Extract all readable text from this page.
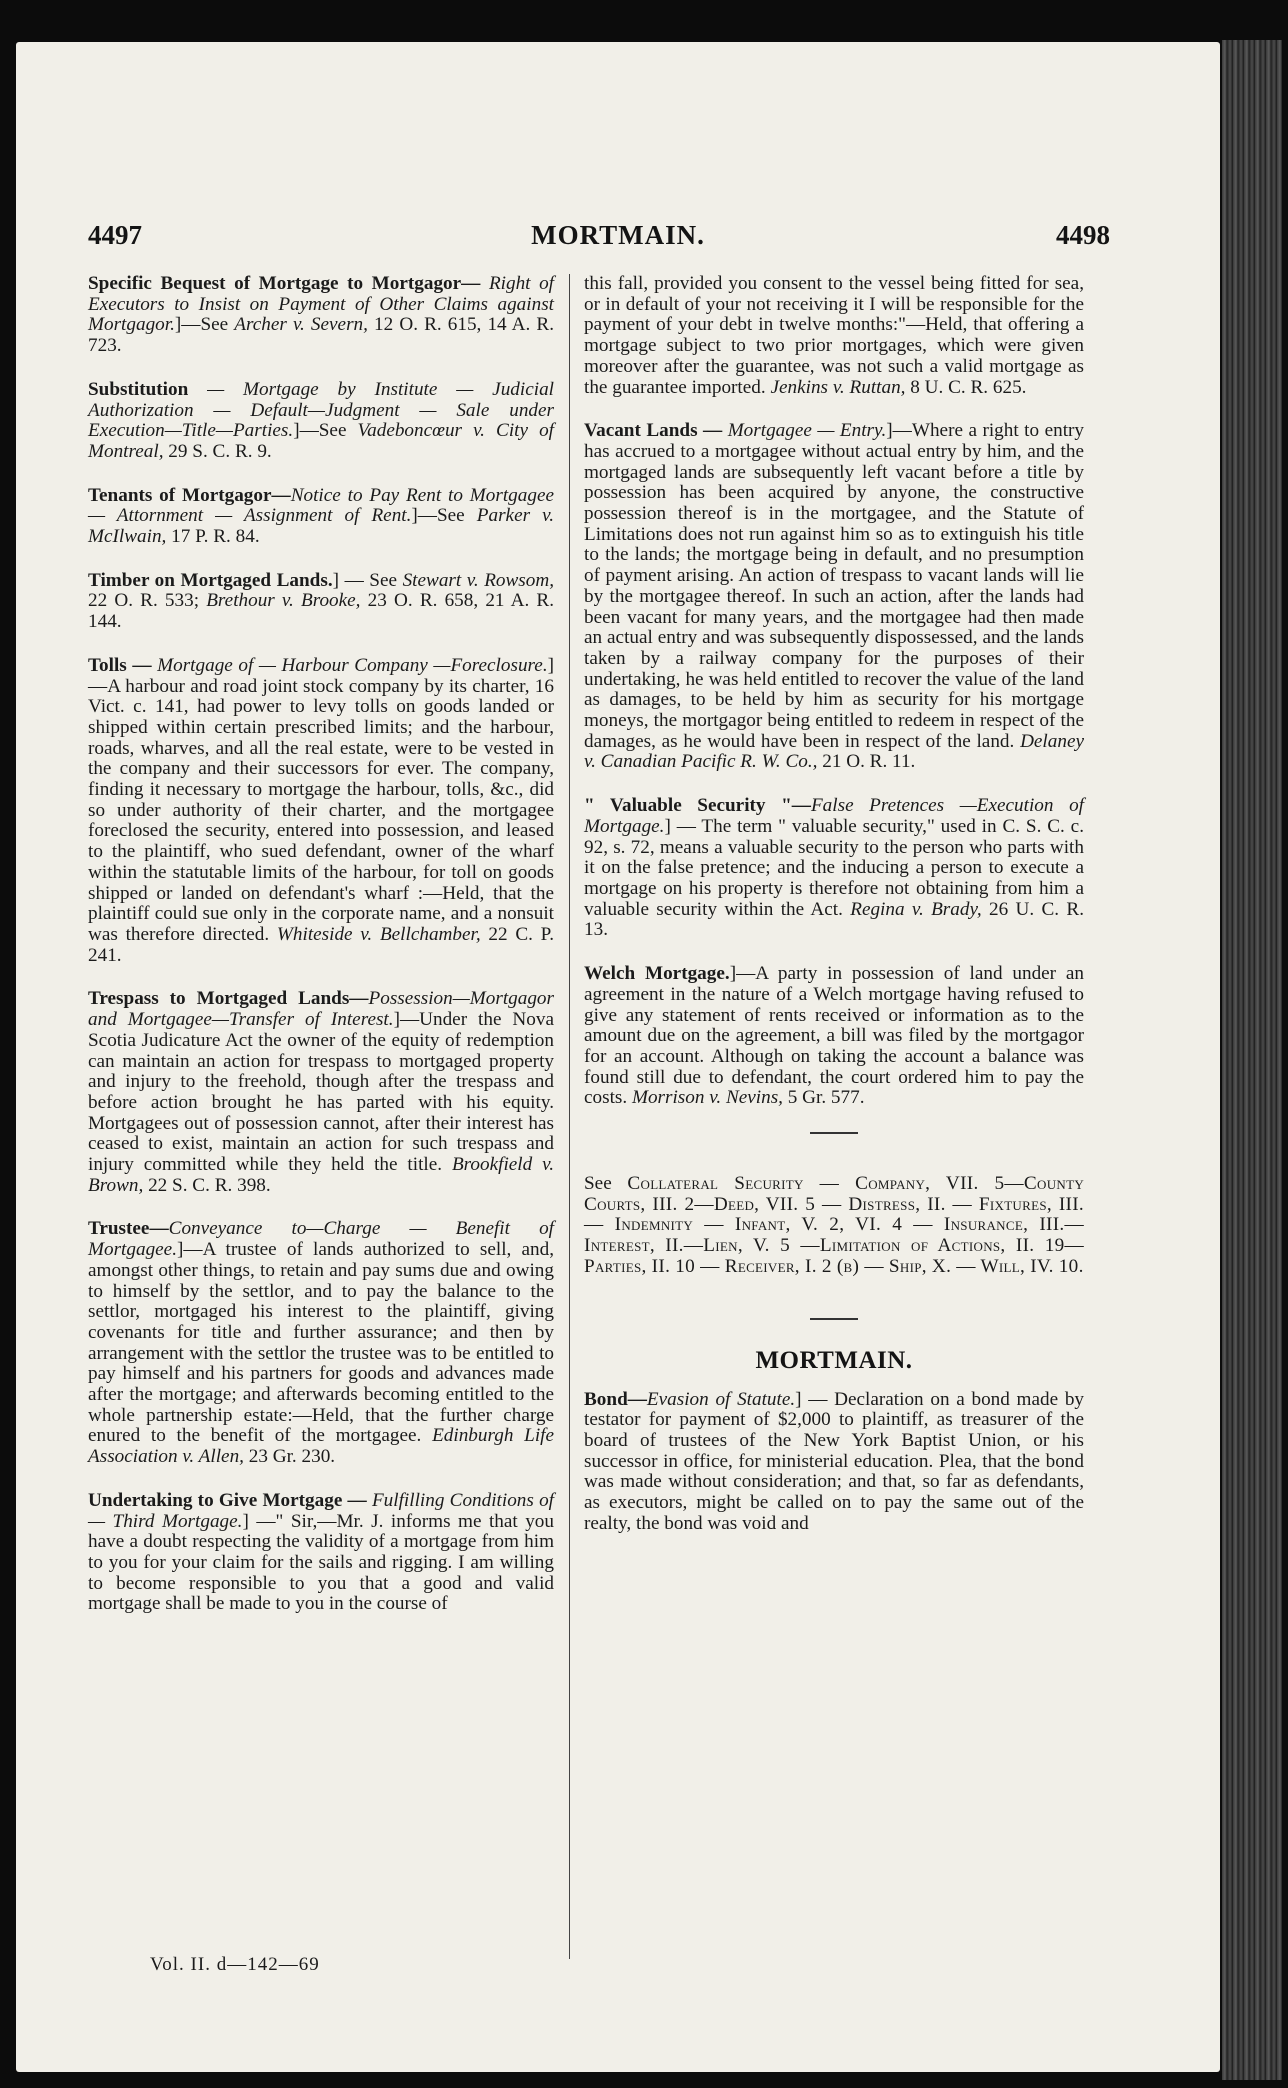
MORTMAIN.
4497	4498

Specific Bequest of Mortgage to Mortgagor— Right of Executors to Insist on Payment of Other Claims against Mortgagor.]—See Archer v. Severn, 12 O. R. 615, 14 A. R. 723.

Substitution — Mortgage by Institute — Judicial Authorization — Default—Judgment — Sale under Execution—Title—Parties.]—See Vadeboncœur v. City of Montreal, 29 S. C. R. 9.

Tenants of Mortgagor—Notice to Pay Rent to Mortgagee — Attornment — Assignment of Rent.]—See Parker v. McIlwain, 17 P. R. 84.

Timber on Mortgaged Lands.] — See Stewart v. Rowsom, 22 O. R. 533; Brethour v. Brooke, 23 O. R. 658, 21 A. R. 144.

Tolls — Mortgage of — Harbour Company —Foreclosure.]—A harbour and road joint stock company by its charter, 16 Vict. c. 141, had power to levy tolls on goods landed or shipped within certain prescribed limits; and the harbour, roads, wharves, and all the real estate, were to be vested in the company and their successors for ever. The company, finding it necessary to mortgage the harbour, tolls, &c., did so under authority of their charter, and the mortgagee foreclosed the security, entered into possession, and leased to the plaintiff, who sued defendant, owner of the wharf within the statutable limits of the harbour, for toll on goods shipped or landed on defendant's wharf :—Held, that the plaintiff could sue only in the corporate name, and a nonsuit was therefore directed. Whiteside v. Bellchamber, 22 C. P. 241.

Trespass to Mortgaged Lands—Possession—Mortgagor and Mortgagee—Transfer of Interest.]—Under the Nova Scotia Judicature Act the owner of the equity of redemption can maintain an action for trespass to mortgaged property and injury to the freehold, though after the trespass and before action brought he has parted with his equity. Mortgagees out of possession cannot, after their interest has ceased to exist, maintain an action for such trespass and injury committed while they held the title. Brookfield v. Brown, 22 S. C. R. 398.

Trustee—Conveyance to—Charge — Benefit of Mortgagee.]—A trustee of lands authorized to sell, and, amongst other things, to retain and pay sums due and owing to himself by the settlor, and to pay the balance to the settlor, mortgaged his interest to the plaintiff, giving covenants for title and further assurance; and then by arrangement with the settlor the trustee was to be entitled to pay himself and his partners for goods and advances made after the mortgage; and afterwards becoming entitled to the whole partnership estate:—Held, that the further charge enured to the benefit of the mortgagee. Edinburgh Life Association v. Allen, 23 Gr. 230.

Undertaking to Give Mortgage — Fulfilling Conditions of — Third Mortgage.] —" Sir,—Mr. J. informs me that you have a doubt respecting the validity of a mortgage from him to you for your claim for the sails and rigging. I am willing to become responsible to you that a good and valid mortgage shall be made to you in the course of

this fall, provided you consent to the vessel being fitted for sea, or in default of your not receiving it I will be responsible for the payment of your debt in twelve months:"—Held, that offering a mortgage subject to two prior mortgages, which were given moreover after the guarantee, was not such a valid mortgage as the guarantee imported. Jenkins v. Ruttan, 8 U. C. R. 625.

Vacant Lands — Mortgagee — Entry.]—Where a right to entry has accrued to a mortgagee without actual entry by him, and the mortgaged lands are subsequently left vacant before a title by possession has been acquired by anyone, the constructive possession thereof is in the mortgagee, and the Statute of Limitations does not run against him so as to extinguish his title to the lands; the mortgage being in default, and no presumption of payment arising. An action of trespass to vacant lands will lie by the mortgagee thereof. In such an action, after the lands had been vacant for many years, and the mortgagee had then made an actual entry and was subsequently dispossessed, and the lands taken by a railway company for the purposes of their undertaking, he was held entitled to recover the value of the land as damages, to be held by him as security for his mortgage moneys, the mortgagor being entitled to redeem in respect of the damages, as he would have been in respect of the land. Delaney v. Canadian Pacific R. W. Co., 21 O. R. 11.

" Valuable Security "—False Pretences —Execution of Mortgage.] — The term " valuable security," used in C. S. C. c. 92, s. 72, means a valuable security to the person who parts with it on the false pretence; and the inducing a person to execute a mortgage on his property is therefore not obtaining from him a valuable security within the Act. Regina v. Brady, 26 U. C. R. 13.

Welch Mortgage.]—A party in possession of land under an agreement in the nature of a Welch mortgage having refused to give any statement of rents received or information as to the amount due on the agreement, a bill was filed by the mortgagor for an account. Although on taking the account a balance was found still due to defendant, the court ordered him to pay the costs. Morrison v. Nevins, 5 Gr. 577.

See Collateral Security — Company, VII. 5—County Courts, III. 2—Deed, VII. 5 — Distress, II. — Fixtures, III. — Indemnity — Infant, V. 2, VI. 4 — Insurance, III.—Interest, II.—Lien, V. 5 —Limitation of Actions, II. 19—Parties, II. 10 — Receiver, I. 2 (b) — Ship, X. — Will, IV. 10.

MORTMAIN.

Bond—Evasion of Statute.] — Declaration on a bond made by testator for payment of $2,000 to plaintiff, as treasurer of the board of trustees of the New York Baptist Union, or his successor in office, for ministerial education. Plea, that the bond was made without consideration; and that, so far as defendants, as executors, might be called on to pay the same out of the realty, the bond was void and

Vol. II. d—142—69
